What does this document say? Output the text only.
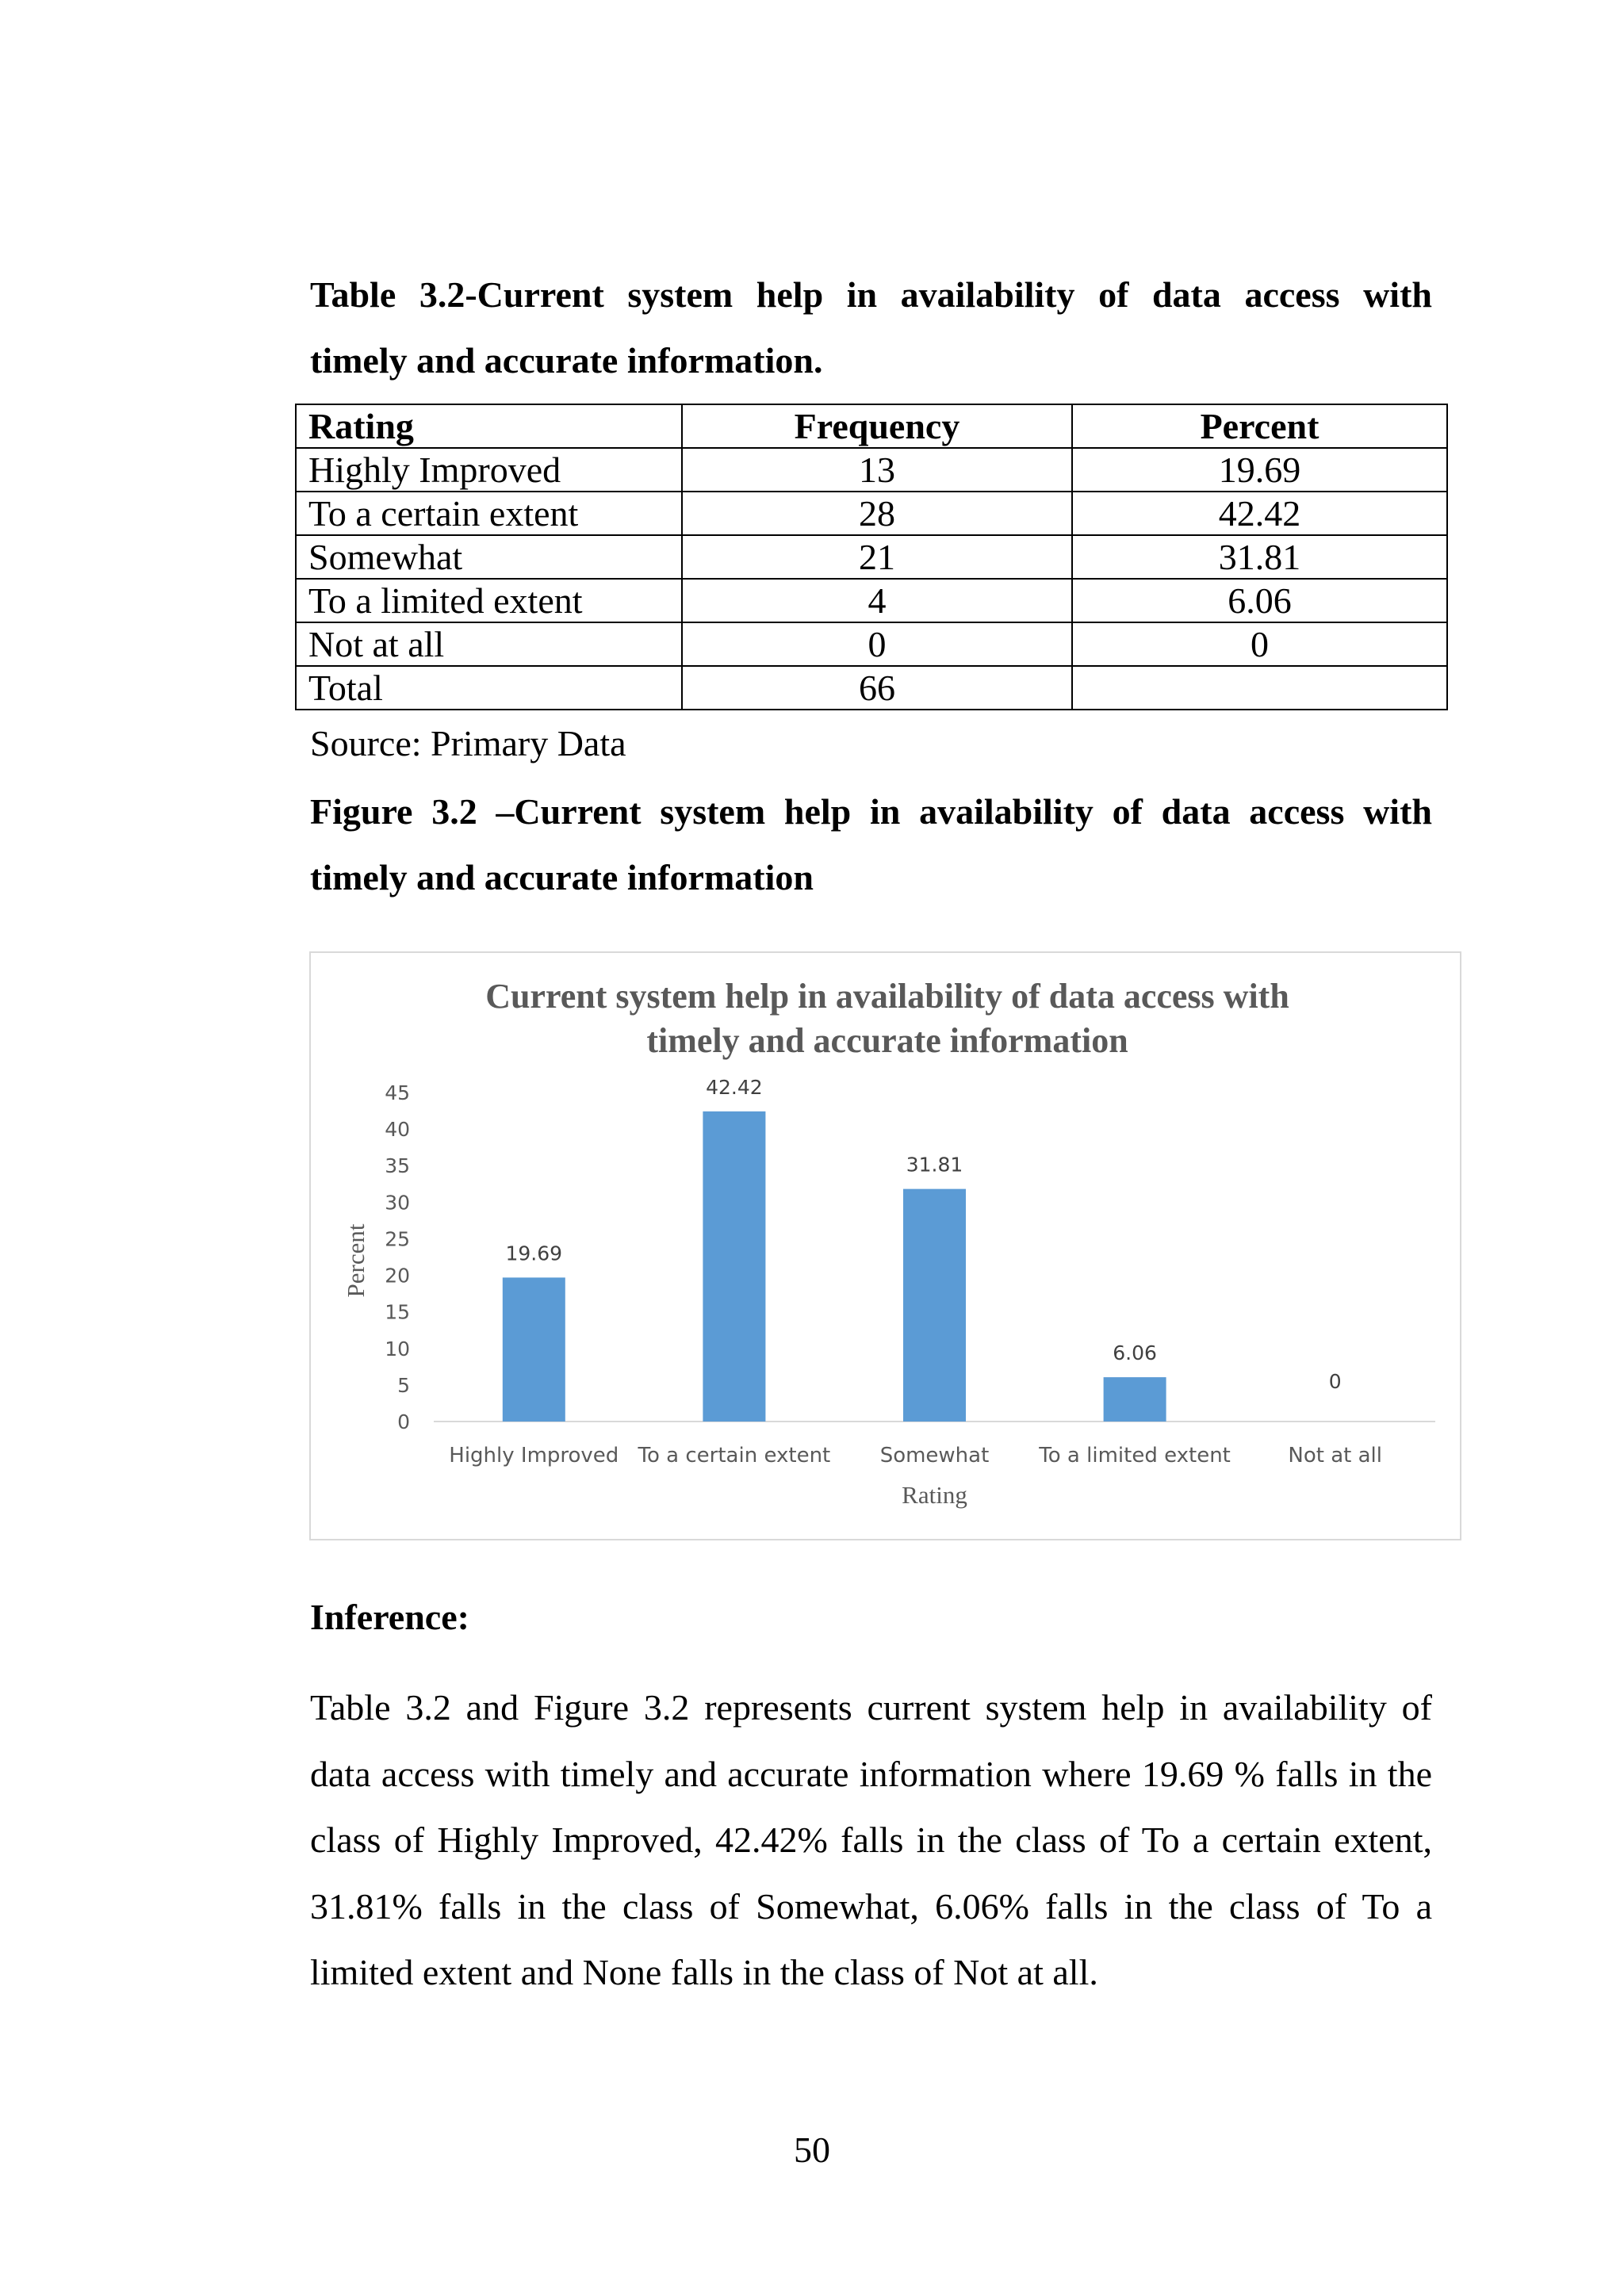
Table 3.2-Current system help in availability of data access with

timely and accurate information.

Rating	Frequency	Percent
Highly Improved	13	19.69
To a certain extent	28	42.42
Somewhat	21	31.81
To a limited extent	4	6.06
Not at all	0	0
Total	66	

Source: Primary Data

Figure 3.2 –Current system help in availability of data access with

timely and accurate information

Current system help in availability of data access with
timely and accurate information
0
5
10
15
20
25
30
35
40
45
Percent	19.69
Highly Improved
42.42
To a certain extent
31.81
Somewhat
6.06
To a limited extent
0
Not at all
Rating

Inference:

Table 3.2 and Figure 3.2 represents current system help in availability of data access with timely and accurate information where 19.69 % falls in the class of Highly Improved, 42.42% falls in the class of To a certain extent, 31.81% falls in the class of Somewhat, 6.06% falls in the class of To a limited extent and None falls in the class of Not at all.

50
